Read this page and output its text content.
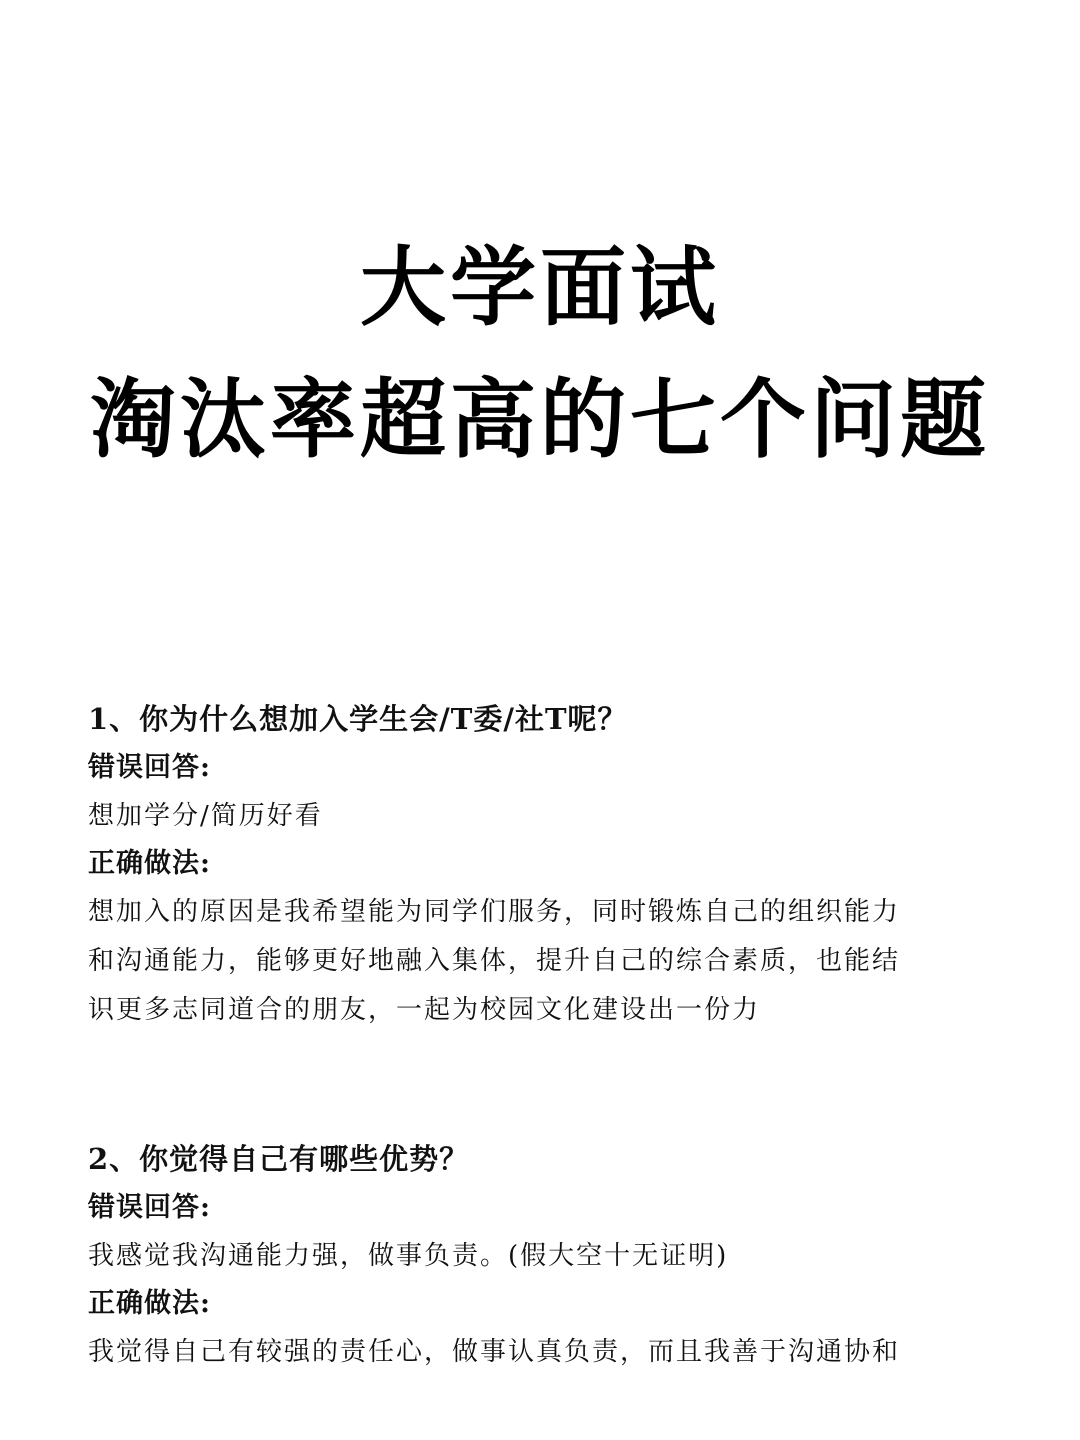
大学面试
淘汰率超高的七个问题
1、你为什么想加入学生会/T委/社T呢？
错误回答:
想加学分/简历好看
正确做法:
想加入的原因是我希望能为同学们服务，同时锻炼自己的组织能力
和沟通能力，能够更好地融入集体，提升自己的综合素质，也能结
识更多志同道合的朋友，一起为校园文化建设出一份力
2、你觉得自己有哪些优势？
错误回答:
我感觉我沟通能力强，做事负责。(假大空十无证明)
正确做法:
我觉得自己有较强的责任心，做事认真负责，而且我善于沟通协和
